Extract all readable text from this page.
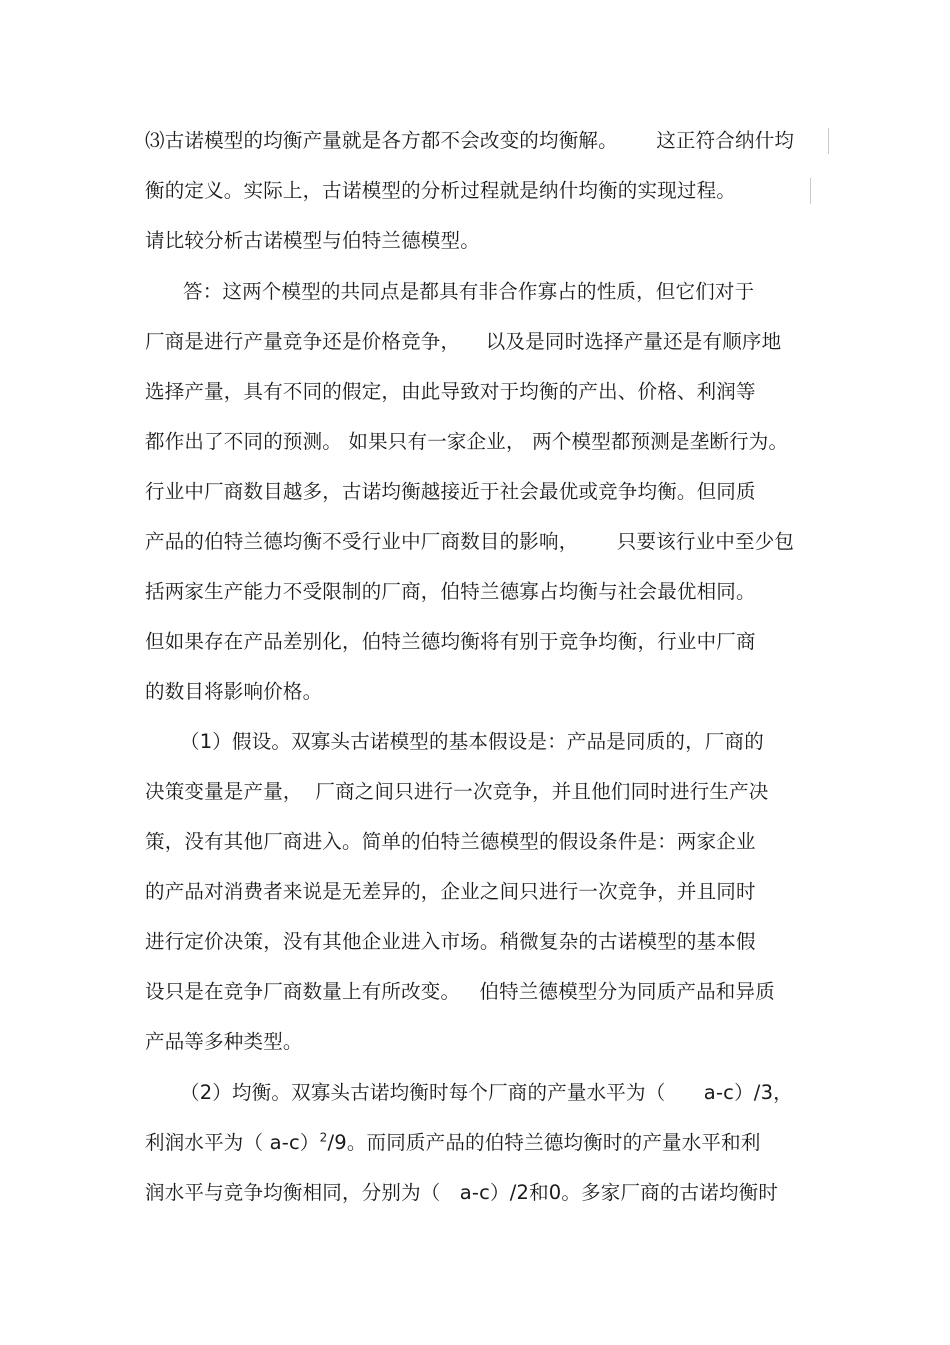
⑶古诺模型的均衡产量就是各方都不会改变的均衡解。      这正符合纳什均
衡的定义。实际上，古诺模型的分析过程就是纳什均衡的实现过程。
请比较分析古诺模型与伯特兰德模型。
答：这两个模型的共同点是都具有非合作寡占的性质，但它们对于
厂商是进行产量竞争还是价格竞争，    以及是同时选择产量还是有顺序地
选择产量，具有不同的假定，由此导致对于均衡的产出、价格、利润等
都作出了不同的预测。 如果只有一家企业， 两个模型都预测是垄断行为。
行业中厂商数目越多，古诺均衡越接近于社会最优或竞争均衡。但同质
产品的伯特兰德均衡不受行业中厂商数目的影响，      只要该行业中至少包
括两家生产能力不受限制的厂商，伯特兰德寡占均衡与社会最优相同。
但如果存在产品差别化，伯特兰德均衡将有别于竞争均衡，行业中厂商
的数目将影响价格。
（1）假设。双寡头古诺模型的基本假设是：产品是同质的，厂商的
决策变量是产量，  厂商之间只进行一次竞争，并且他们同时进行生产决
策，没有其他厂商进入。简单的伯特兰德模型的假设条件是：两家企业
的产品对消费者来说是无差异的，企业之间只进行一次竞争，并且同时
进行定价决策，没有其他企业进入市场。稍微复杂的古诺模型的基本假
设只是在竞争厂商数量上有所改变。   伯特兰德模型分为同质产品和异质
产品等多种类型。
（2）均衡。双寡头古诺均衡时每个厂商的产量水平为（      a-c）/3，
利润水平为（ a-c）$^2$/9。而同质产品的伯特兰德均衡时的产量水平和利
润水平与竞争均衡相同，分别为（   a-c）/2和0。多家厂商的古诺均衡时
